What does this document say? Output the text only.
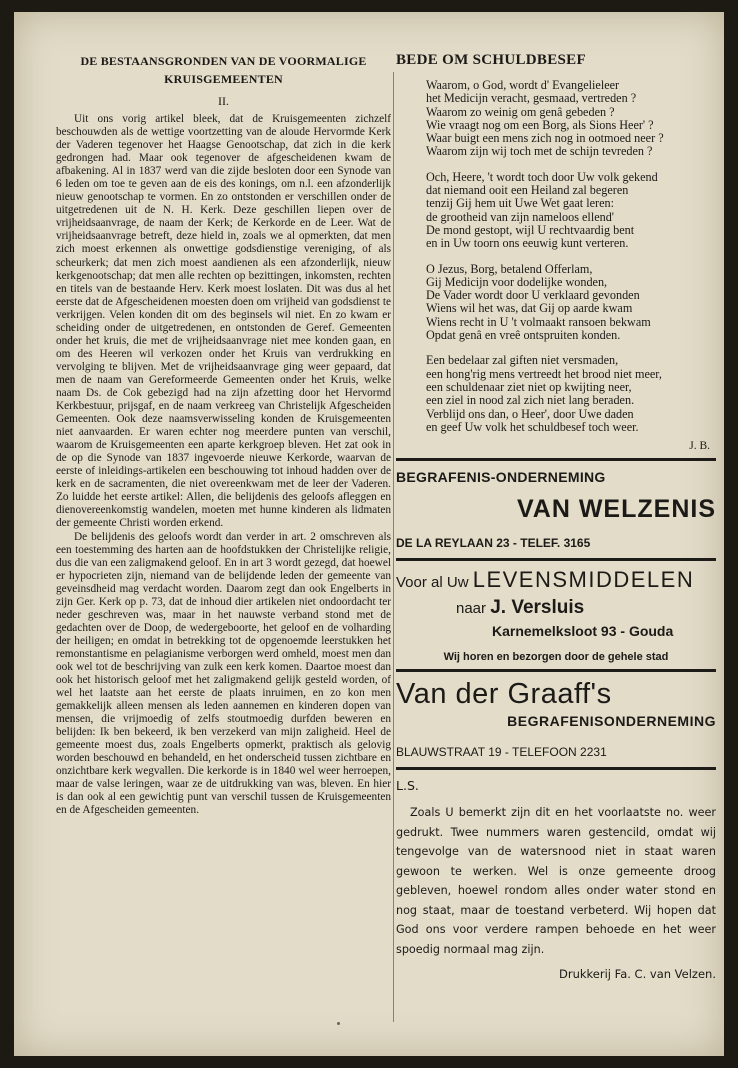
DE BESTAANSGRONDEN VAN DE VOORMALIGE
KRUISGEMEENTEN
II.

Uit ons vorig artikel bleek, dat de Kruisgemeenten zichzelf beschouwden als de wettige voortzetting van de aloude Hervormde Kerk der Vaderen tegenover het Haagse Genootschap, dat zich in die kerk gedrongen had. Maar ook tegenover de afgescheidenen kwam de afbakening. Al in 1837 werd van die zijde besloten door een Synode van 6 leden om toe te geven aan de eis des konings, om n.l. een afzonderlijk nieuw genootschap te vormen. En zo ontstonden er verschillen onder de uitgetredenen uit de N. H. Kerk. Deze geschillen liepen over de vrijheidsaanvrage, de naam der Kerk; de Kerkorde en de Leer. Wat de vrijheidsaanvrage betreft, deze hield in, zoals we al opmerkten, dat men zich moest erkennen als onwettige godsdienstige vereniging, of als scheurkerk; dat men zich moest aandienen als een afzonderlijk, nieuw kerkgenootschap; dat men alle rechten op bezittingen, inkomsten, rechten en titels van de bestaande Herv. Kerk moest loslaten. Dit was dus al het eerste dat de Afgescheidenen moesten doen om vrijheid van godsdienst te verkrijgen. Velen konden dit om des beginsels wil niet. En zo kwam er scheiding onder de uitgetredenen, en ontstonden de Geref. Gemeenten onder het kruis, die met de vrijheidsaanvrage niet mee konden gaan, en om des Heeren wil verkozen onder het Kruis van verdrukking en vervolging te blijven. Met de vrijheidsaanvrage ging weer gepaard, dat men de naam van Gereformeerde Gemeenten onder het Kruis, welke naam Ds. de Cok gebezigd had na zijn afzetting door het Hervormd Kerkbestuur, prijsgaf, en de naam verkreeg van Christelijk Afgescheiden Gemeenten. Ook deze naamsverwisseling konden de Kruisgemeenten niet aanvaarden. Er waren echter nog meerdere punten van verschil, waarom de Kruisgemeenten een aparte kerkgroep bleven. Het zat ook in de op die Synode van 1837 ingevoerde nieuwe Kerkorde, waarvan de eerste of inleidings-artikelen een beschouwing tot inhoud hadden over de kerk en de sacramenten, die niet overeenkwam met de leer der Vaderen. Zo luidde het eerste artikel: Allen, die belijdenis des geloofs afleggen en dienovereenkomstig wandelen, moeten met hunne kinderen als lidmaten der gemeente Christi worden erkend.

De belijdenis des geloofs wordt dan verder in art. 2 omschreven als een toestemming des harten aan de hoofdstukken der Christelijke religie, dus die van een zaligmakend geloof. En in art 3 wordt gezegd, dat hoewel er hypocrieten zijn, niemand van de belijdende leden der gemeente van geveinsdheid mag verdacht worden. Daarom zegt dan ook Engelberts in zijn Ger. Kerk op p. 73, dat de inhoud dier artikelen niet ondoordacht ter neder geschreven was, maar in het nauwste verband stond met de gedachten over de Doop, de wedergeboorte, het geloof en de volharding der heiligen; en omdat in betrekking tot de opgenoemde leerstukken het remonstantisme en pelagianisme verborgen werd omheld, moest men dan ook wel tot de beschrijving van zulk een kerk komen. Daartoe moest dan ook het historisch geloof met het zaligmakend gelijk gesteld worden, of wel het laatste aan het eerste de plaats inruimen, en zo kon men gemakkelijk alleen mensen als leden aannemen en kinderen dopen van mensen, die vrijmoedig of zelfs stoutmoedig durfden beweren en belijden: Ik ben bekeerd, ik ben verzekerd van mijn zaligheid. Heel de gemeente moest dus, zoals Engelberts opmerkt, praktisch als gelovig worden beschouwd en behandeld, en het onderscheid tussen zichtbare en onzichtbare kerk wegvallen. Die kerkorde is in 1840 wel weer herroepen, maar de valse leringen, waar ze de uitdrukking van was, bleven. En hier is dan ook al een gewichtig punt van verschil tussen de Kruisgemeenten en de Afgescheiden gemeenten.

BEDE OM SCHULDBESEF
Waarom, o God, wordt d' Evangelieleer
het Medicijn veracht, gesmaad, vertreden ?
Waarom zo weinig om genâ gebeden ?
Wie vraagt nog om een Borg, als Sions Heer' ?
Waar buigt een mens zich nog in ootmoed neer ?
Waarom zijn wij toch met de schijn tevreden ?
Och, Heere, 't wordt toch door Uw volk gekend
dat niemand ooit een Heiland zal begeren
tenzij Gij hem uit Uwe Wet gaat leren:
de grootheid van zijn nameloos ellend'
De mond gestopt, wijl U rechtvaardig bent
en in Uw toorn ons eeuwig kunt verteren.
O Jezus, Borg, betalend Offerlam,
Gij Medicijn voor dodelijke wonden,
De Vader wordt door U verklaard gevonden
Wiens wil het was, dat Gij op aarde kwam
Wiens recht in U 't volmaakt ransoen bekwam
Opdat genâ en vreê ontspruiten konden.
Een bedelaar zal giften niet versmaden,
een hong'rig mens vertreedt het brood niet meer,
een schuldenaar ziet niet op kwijting neer,
een ziel in nood zal zich niet lang beraden.
Verblijd ons dan, o Heer', door Uwe daden
en geef Uw volk het schuldbesef toch weer.
J. B.
BEGRAFENIS-ONDERNEMING
VAN WELZENIS
DE LA REYLAAN 23 - TELEF. 3165
Voor al Uw LEVENSMIDDELEN
naar J. Versluis
Karnemelksloot 93 - Gouda
Wij horen en bezorgen door de gehele stad
Van der Graaff's
BEGRAFENISONDERNEMING
BLAUWSTRAAT 19 - TELEFOON 2231
L.S.
Zoals U bemerkt zijn dit en het voorlaatste no. weer gedrukt. Twee nummers waren gestencild, omdat wij tengevolge van de watersnood niet in staat waren gewoon te werken. Wel is onze gemeente droog gebleven, hoewel rondom alles onder water stond en nog staat, maar de toestand verbeterd. Wij hopen dat God ons voor verdere rampen behoede en het weer spoedig normaal mag zijn.
Drukkerij Fa. C. van Velzen.
